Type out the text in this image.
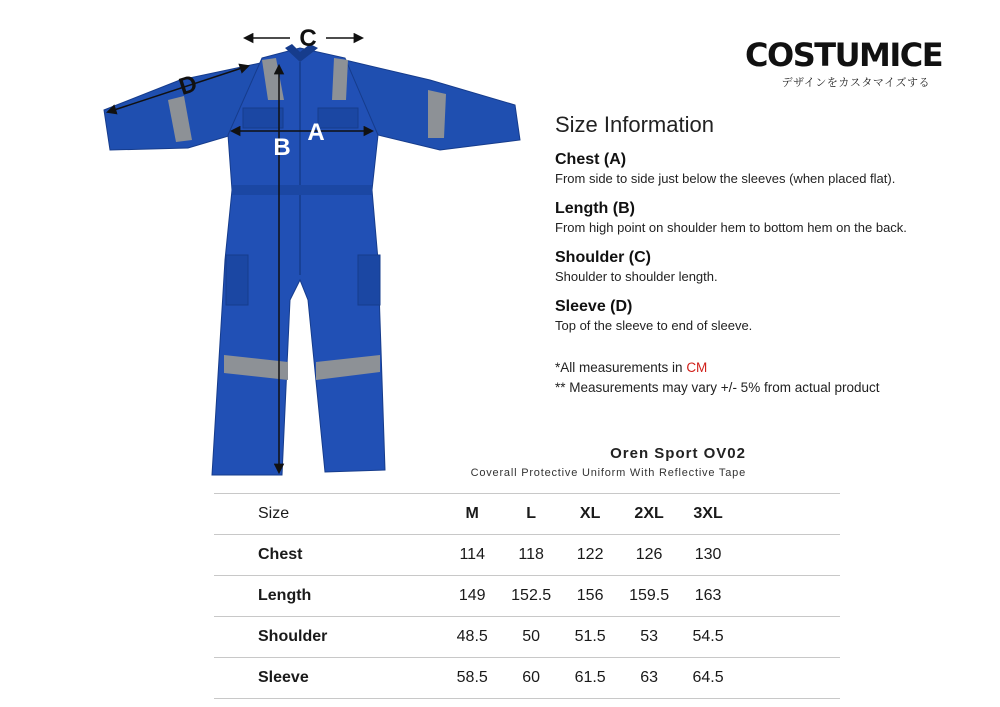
C
D
A
B
COSTUMICE
デザインをカスタマイズする
Size Information
Chest (A)
From side to side just below the sleeves (when placed flat).
Length (B)
From high point on shoulder hem to bottom hem on the back.
Shoulder (C)
Shoulder to shoulder length.
Sleeve (D)
Top of the sleeve to end of sleeve.
*All measurements in CM
** Measurements may vary +/- 5% from actual product
Oren Sport OV02
Coverall Protective Uniform With Reflective Tape
Size	M	L	XL	2XL	3XL	
Chest	114	118	122	126	130	
Length	149	152.5	156	159.5	163	
Shoulder	48.5	50	51.5	53	54.5	
Sleeve	58.5	60	61.5	63	64.5	
